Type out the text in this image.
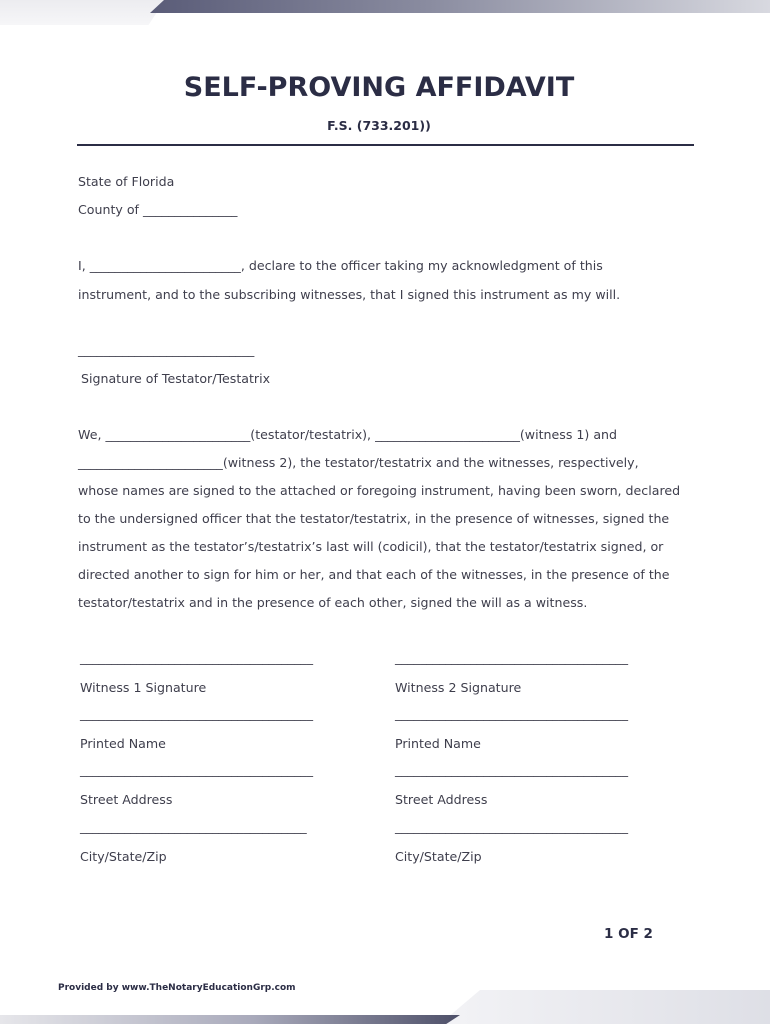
SELF-PROVING AFFIDAVIT
F.S. (733.201))
State of Florida
County of _______________
I, ________________________, declare to the officer taking my acknowledgment of this
instrument, and to the subscribing witnesses, that I signed this instrument as my will.
____________________________
Signature of Testator/Testatrix
We, _______________________(testator/testatrix), _______________________(witness 1) and
_______________________(witness 2), the testator/testatrix and the witnesses, respectively,
whose names are signed to the attached or foregoing instrument, having been sworn, declared
to the undersigned officer that the testator/testatrix, in the presence of witnesses, signed the
instrument as the testator’s/testatrix’s last will (codicil), that the testator/testatrix signed, or
directed another to sign for him or her, and that each of the witnesses, in the presence of the
testator/testatrix and in the presence of each other, signed the will as a witness.
_____________________________________
Witness 1 Signature
_____________________________________
Printed Name
_____________________________________
Street Address
____________________________________
City/State/Zip
_____________________________________
Witness 2 Signature
_____________________________________
Printed Name
_____________________________________
Street Address
_____________________________________
City/State/Zip
1 OF 2
Provided by www.TheNotaryEducationGrp.com
